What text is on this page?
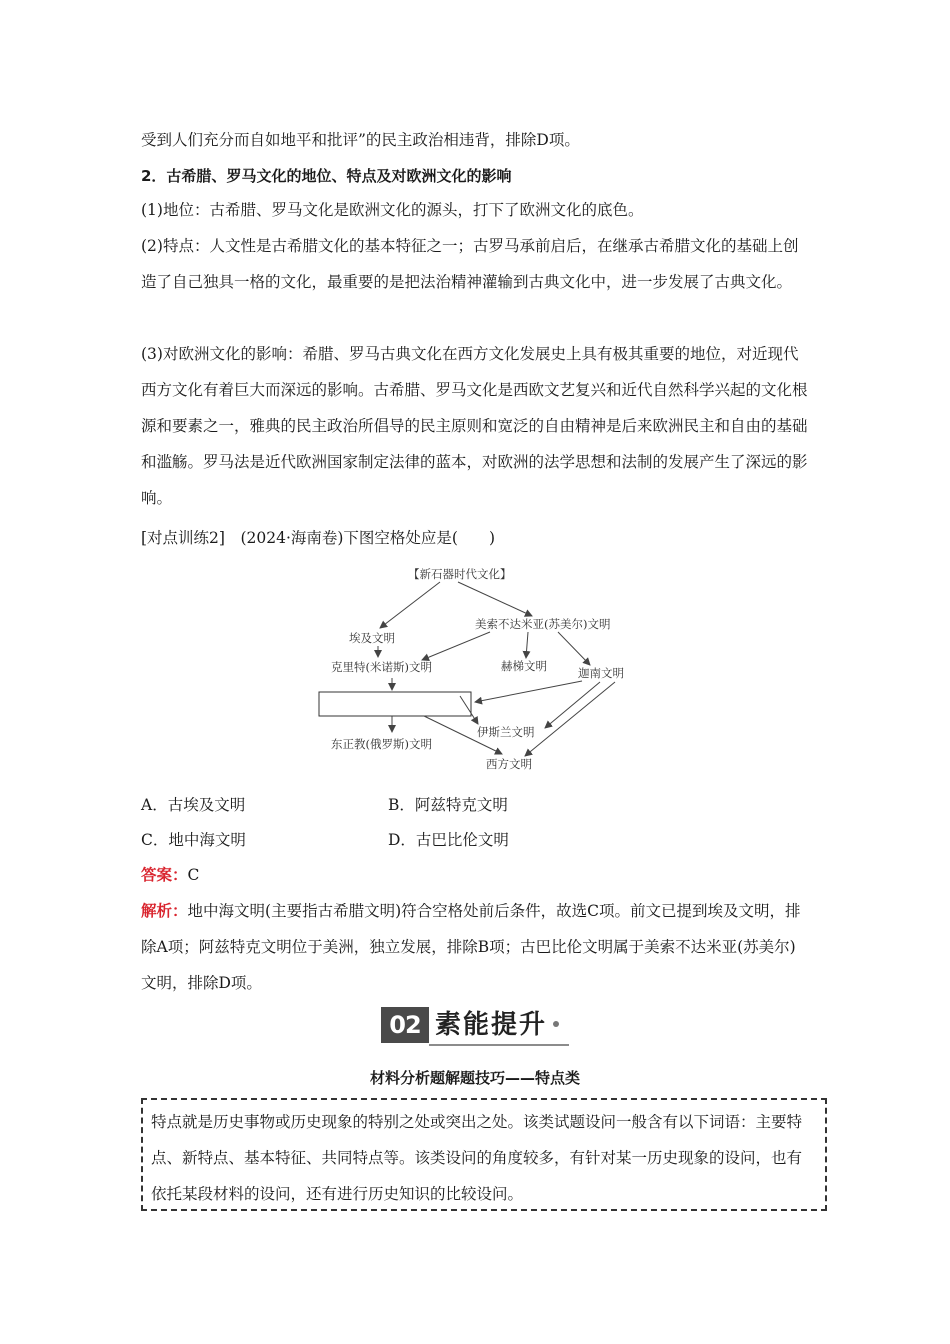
受到人们充分而自如地平和批评”的民主政治相违背，排除D项。
2．古希腊、罗马文化的地位、特点及对欧洲文化的影响
(1)地位：古希腊、罗马文化是欧洲文化的源头，打下了欧洲文化的底色。
(2)特点：人文性是古希腊文化的基本特征之一；古罗马承前启后，在继承古希腊文化的基础上创造了自己独具一格的文化，最重要的是把法治精神灌输到古典文化中，进一步发展了古典文化。
(3)对欧洲文化的影响：希腊、罗马古典文化在西方文化发展史上具有极其重要的地位，对近现代西方文化有着巨大而深远的影响。古希腊、罗马文化是西欧文艺复兴和近代自然科学兴起的文化根源和要素之一，雅典的民主政治所倡导的民主原则和宽泛的自由精神是后来欧洲民主和自由的基础和滥觞。罗马法是近代欧洲国家制定法律的蓝本，对欧洲的法学思想和法制的发展产生了深远的影响。
[对点训练2]　(2024·海南卷)下图空格处应是(　　)
【新石器时代文化】
美索不达米亚(苏美尔)文明
埃及文明
克里特(米诺斯)文明	赫梯文明	迦南文明
伊斯兰文明
东正教(俄罗斯)文明
西方文明
A．古埃及文明	B．阿兹特克文明
C．地中海文明	D．古巴比伦文明
答案：C
解析：地中海文明(主要指古希腊文明)符合空格处前后条件，故选C项。前文已提到埃及文明，排除A项；阿兹特克文明位于美洲，独立发展，排除B项；古巴比伦文明属于美索不达米亚(苏美尔)文明，排除D项。
02 素能提升
材料分析题解题技巧——特点类
特点就是历史事物或历史现象的特别之处或突出之处。该类试题设问一般含有以下词语：主要特点、新特点、基本特征、共同特点等。该类设问的角度较多，有针对某一历史现象的设问，也有依托某段材料的设问，还有进行历史知识的比较设问。
